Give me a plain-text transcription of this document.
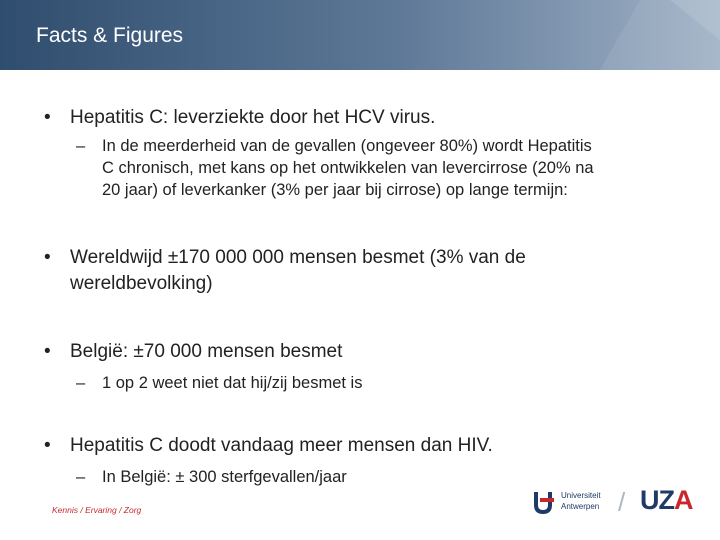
Facts & Figures
• Hepatitis C: leverziekte door het HCV virus.
– In de meerderheid van de gevallen (ongeveer 80%) wordt Hepatitis
C chronisch, met kans op het ontwikkelen van levercirrose (20% na
20 jaar) of leverkanker (3% per jaar bij cirrose) op lange termijn:
• Wereldwijd ±170 000 000 mensen besmet (3% van de
wereldbevolking)
• België: ±70 000 mensen besmet
– 1 op 2 weet niet dat hij/zij besmet is
• Hepatitis C doodt vandaag meer mensen dan HIV.
– In België: ± 300 sterfgevallen/jaar
Kennis / Ervaring / Zorg
Universiteit
Antwerpen / UZA
